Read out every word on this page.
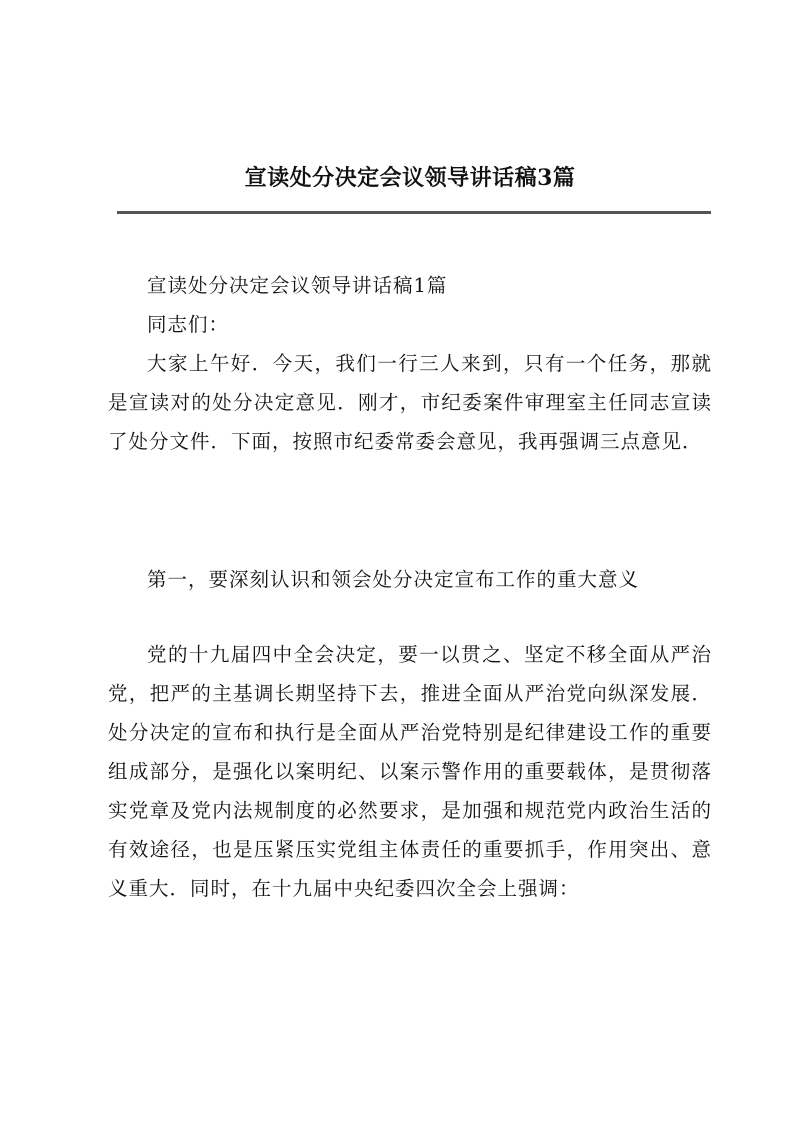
宣读处分决定会议领导讲话稿3篇

宣读处分决定会议领导讲话稿1篇

同志们：

大家上午好．今天，我们一行三人来到，只有一个任务，那就是宣读对的处分决定意见．刚才，市纪委案件审理室主任同志宣读了处分文件．下面，按照市纪委常委会意见，我再强调三点意见．

第一，要深刻认识和领会处分决定宣布工作的重大意义

党的十九届四中全会决定，要一以贯之、坚定不移全面从严治党，把严的主基调长期坚持下去，推进全面从严治党向纵深发展．处分决定的宣布和执行是全面从严治党特别是纪律建设工作的重要组成部分，是强化以案明纪、以案示警作用的重要载体，是贯彻落实党章及党内法规制度的必然要求，是加强和规范党内政治生活的有效途径，也是压紧压实党组主体责任的重要抓手，作用突出、意义重大．同时，在十九届中央纪委四次全会上强调：
